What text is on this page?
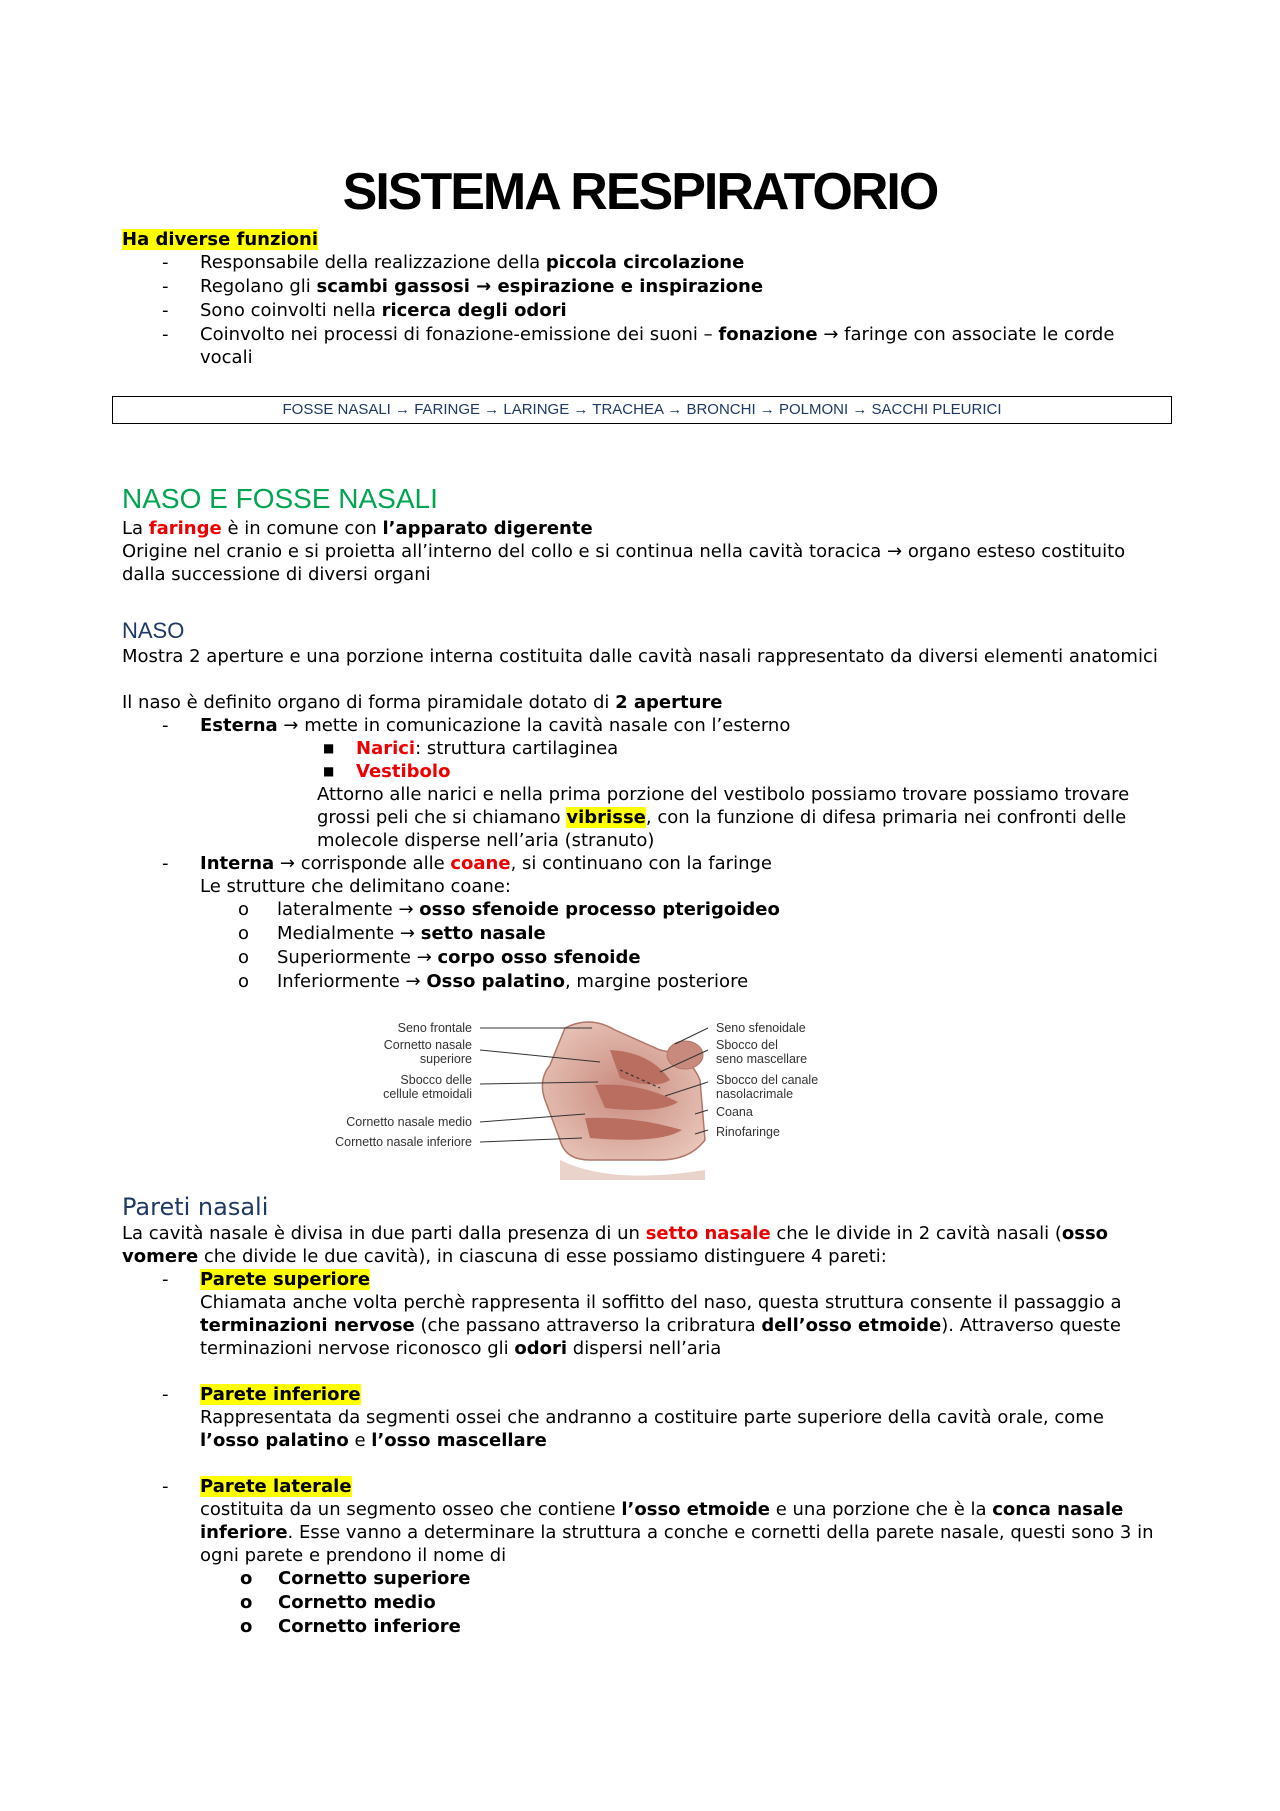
SISTEMA RESPIRATORIO
Ha diverse funzioni
- Responsabile della realizzazione della piccola circolazione
- Regolano gli scambi gassosi → espirazione e inspirazione
- Sono coinvolti nella ricerca degli odori
- Coinvolto nei processi di fonazione-emissione dei suoni – fonazione → faringe con associate le corde vocali
FOSSE NASALI → FARINGE → LARINGE → TRACHEA → BRONCHI → POLMONI → SACCHI PLEURICI
NASO E FOSSE NASALI
La faringe è in comune con l’apparato digerente
Origine nel cranio e si proietta all’interno del collo e si continua nella cavità toracica → organo esteso costituito dalla successione di diversi organi
NASO
Mostra 2 aperture e una porzione interna costituita dalle cavità nasali rappresentato da diversi elementi anatomici
Il naso è definito organo di forma piramidale dotato di 2 aperture
- Esterna → mette in comunicazione la cavità nasale con l’esterno
■ Narici: struttura cartilaginea
■ Vestibolo
Attorno alle narici e nella prima porzione del vestibolo possiamo trovare possiamo trovare grossi peli che si chiamano vibrisse, con la funzione di difesa primaria nei confronti delle molecole disperse nell’aria (stranuto)
- Interna → corrisponde alle coane, si continuano con la faringe
Le strutture che delimitano coane:
o lateralmente → osso sfenoide processo pterigoideo
o Medialmente → setto nasale
o Superiormente → corpo osso sfenoide
o Inferiormente → Osso palatino, margine posteriore
Seno frontale
Cornetto nasale
superiore
Sbocco delle
cellule etmoidali
Cornetto nasale medio
Cornetto nasale inferiore
Seno sfenoidale
Sbocco del
seno mascellare
Sbocco del canale
nasolacrimale
Coana
Rinofaringe
Pareti nasali
La cavità nasale è divisa in due parti dalla presenza di un setto nasale che le divide in 2 cavità nasali (osso vomere che divide le due cavità), in ciascuna di esse possiamo distinguere 4 pareti:
- Parete superiore
Chiamata anche volta perchè rappresenta il soffitto del naso, questa struttura consente il passaggio a terminazioni nervose (che passano attraverso la cribratura dell’osso etmoide). Attraverso queste terminazioni nervose riconosco gli odori dispersi nell’aria
- Parete inferiore
Rappresentata da segmenti ossei che andranno a costituire parte superiore della cavità orale, come l’osso palatino e l’osso mascellare
- Parete laterale
costituita da un segmento osseo che contiene l’osso etmoide e una porzione che è la conca nasale inferiore. Esse vanno a determinare la struttura a conche e cornetti della parete nasale, questi sono 3 in ogni parete e prendono il nome di
o Cornetto superiore
o Cornetto medio
o Cornetto inferiore
